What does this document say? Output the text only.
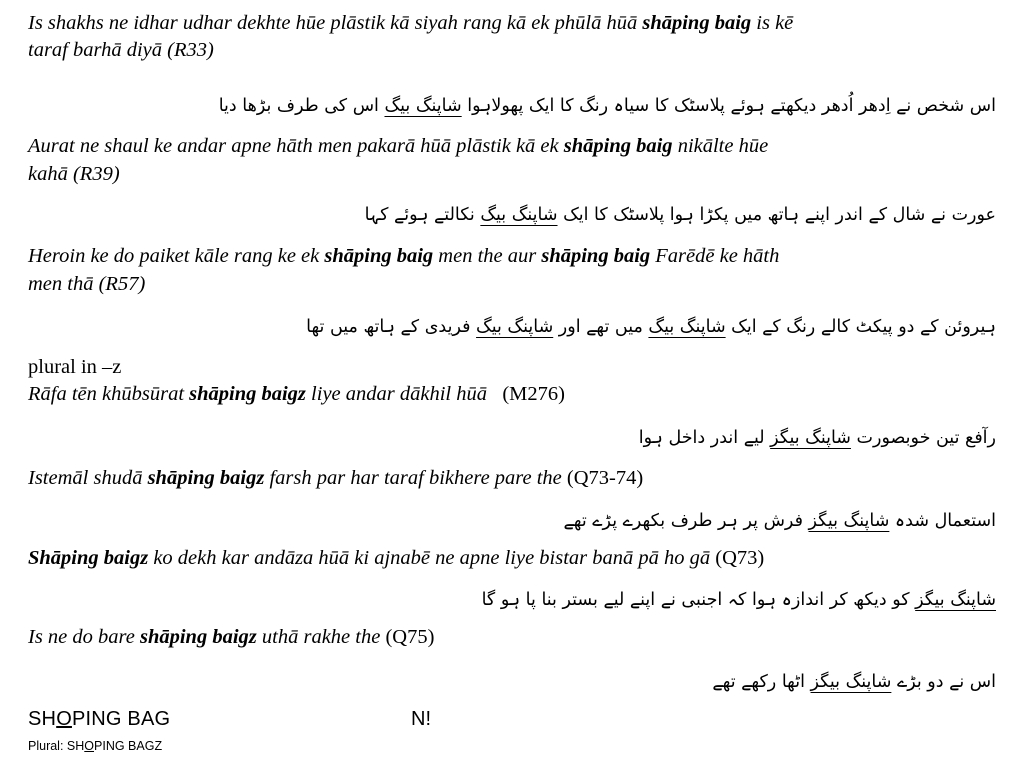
Is shakhs ne idhar udhar dekhte hūe plāstik kā siyah rang kā ek phūlā hūā shāping baig is kē
taraf barhā diyā (R33)
اس شخص نے اِدھر اُدھر دیکھتے ہوئے پلاسٹک کا سیاہ رنگ کا ایک پھولاہوا شاپنگ بیگ اس کی طرف بڑھا دیا
Aurat ne shaul ke andar apne hāth men pakarā hūā plāstik kā ek shāping baig nikālte hūe
kahā (R39)
عورت نے شال کے اندر اپنے ہاتھ میں پکڑا ہوا پلاسٹک کا ایک شاپنگ بیگ نکالتے ہوئے کہا
Heroin ke do paiket kāle rang ke ek shāping baig men the aur shāping baig Farēdē ke hāth
men thā (R57)
ہیروئن کے دو پیکٹ کالے رنگ کے ایک شاپنگ بیگ میں تھے اور شاپنگ بیگ فریدی کے ہاتھ میں تھا
plural in –z
Rāfa tēn khūbsūrat shāping baigz liye andar dākhil hūā   (M276)
رآفع تین خوبصورت شاپنگ بیگز لیے اندر داخل ہوا
Istemāl shudā shāping baigz farsh par har taraf bikhere pare the (Q73-74)
استعمال شدہ شاپنگ بیگز فرش پر ہر طرف بکھرے پڑے تھے
Shāping baigz ko dekh kar andāza hūā ki ajnabē ne apne liye bistar banā pā ho gā (Q73)
شاپنگ بیگز کو دیکھ کر اندازہ ہوا کہ اجنبی نے اپنے لیے بستر بنا پا ہو گا
Is ne do bare shāping baigz uthā rakhe the (Q75)
اس نے دو بڑے شاپنگ بیگز اٹھا رکھے تھے
SHOPING BAG	N!
Plural: SHOPING BAGZ
